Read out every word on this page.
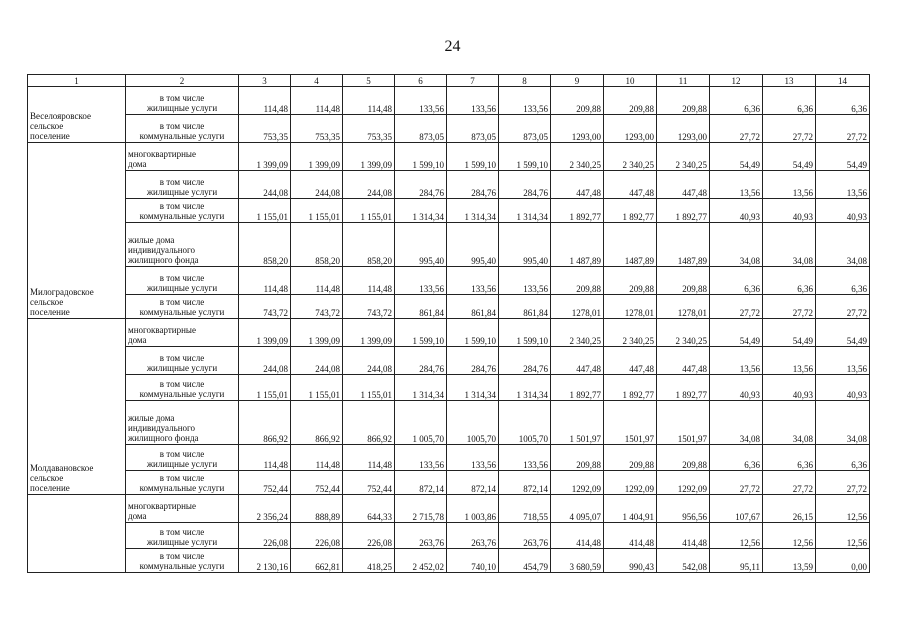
24
1	2	3	4	5	6	7	8	9	10	11	12	13	14

Веселояровское
сельское
поселение	в том числе
жилищные услуги	114,48	114,48	114,48	133,56	133,56	133,56	209,88	209,88	209,88	6,36	6,36	6,36

	в том числе
коммунальные услуги	753,35	753,35	753,35	873,05	873,05	873,05	1293,00	1293,00	1293,00	27,72	27,72	27,72

Милоградовское
сельское
поселение	многоквартирные
дома	1 399,09	1 399,09	1 399,09	1 599,10	1 599,10	1 599,10	2 340,25	2 340,25	2 340,25	54,49	54,49	54,49

	в том числе
жилищные услуги	244,08	244,08	244,08	284,76	284,76	284,76	447,48	447,48	447,48	13,56	13,56	13,56

	в том числе
коммунальные услуги	1 155,01	1 155,01	1 155,01	1 314,34	1 314,34	1 314,34	1 892,77	1 892,77	1 892,77	40,93	40,93	40,93

	жилые дома
индивидуального
жилищного фонда	858,20	858,20	858,20	995,40	995,40	995,40	1 487,89	1487,89	1487,89	34,08	34,08	34,08

	в том числе
жилищные услуги	114,48	114,48	114,48	133,56	133,56	133,56	209,88	209,88	209,88	6,36	6,36	6,36

	в том числе
коммунальные услуги	743,72	743,72	743,72	861,84	861,84	861,84	1278,01	1278,01	1278,01	27,72	27,72	27,72

Молдавановское
сельское
поселение	многоквартирные
дома	1 399,09	1 399,09	1 399,09	1 599,10	1 599,10	1 599,10	2 340,25	2 340,25	2 340,25	54,49	54,49	54,49

	в том числе
жилищные услуги	244,08	244,08	244,08	284,76	284,76	284,76	447,48	447,48	447,48	13,56	13,56	13,56

	в том числе
коммунальные услуги	1 155,01	1 155,01	1 155,01	1 314,34	1 314,34	1 314,34	1 892,77	1 892,77	1 892,77	40,93	40,93	40,93

	жилые дома
индивидуального
жилищного фонда	866,92	866,92	866,92	1 005,70	1005,70	1005,70	1 501,97	1501,97	1501,97	34,08	34,08	34,08

	в том числе
жилищные услуги	114,48	114,48	114,48	133,56	133,56	133,56	209,88	209,88	209,88	6,36	6,36	6,36

	в том числе
коммунальные услуги	752,44	752,44	752,44	872,14	872,14	872,14	1292,09	1292,09	1292,09	27,72	27,72	27,72

	многоквартирные
дома	2 356,24	888,89	644,33	2 715,78	1 003,86	718,55	4 095,07	1 404,91	956,56	107,67	26,15	12,56

	в том числе
жилищные услуги	226,08	226,08	226,08	263,76	263,76	263,76	414,48	414,48	414,48	12,56	12,56	12,56

	в том числе
коммунальные услуги	2 130,16	662,81	418,25	2 452,02	740,10	454,79	3 680,59	990,43	542,08	95,11	13,59	0,00
